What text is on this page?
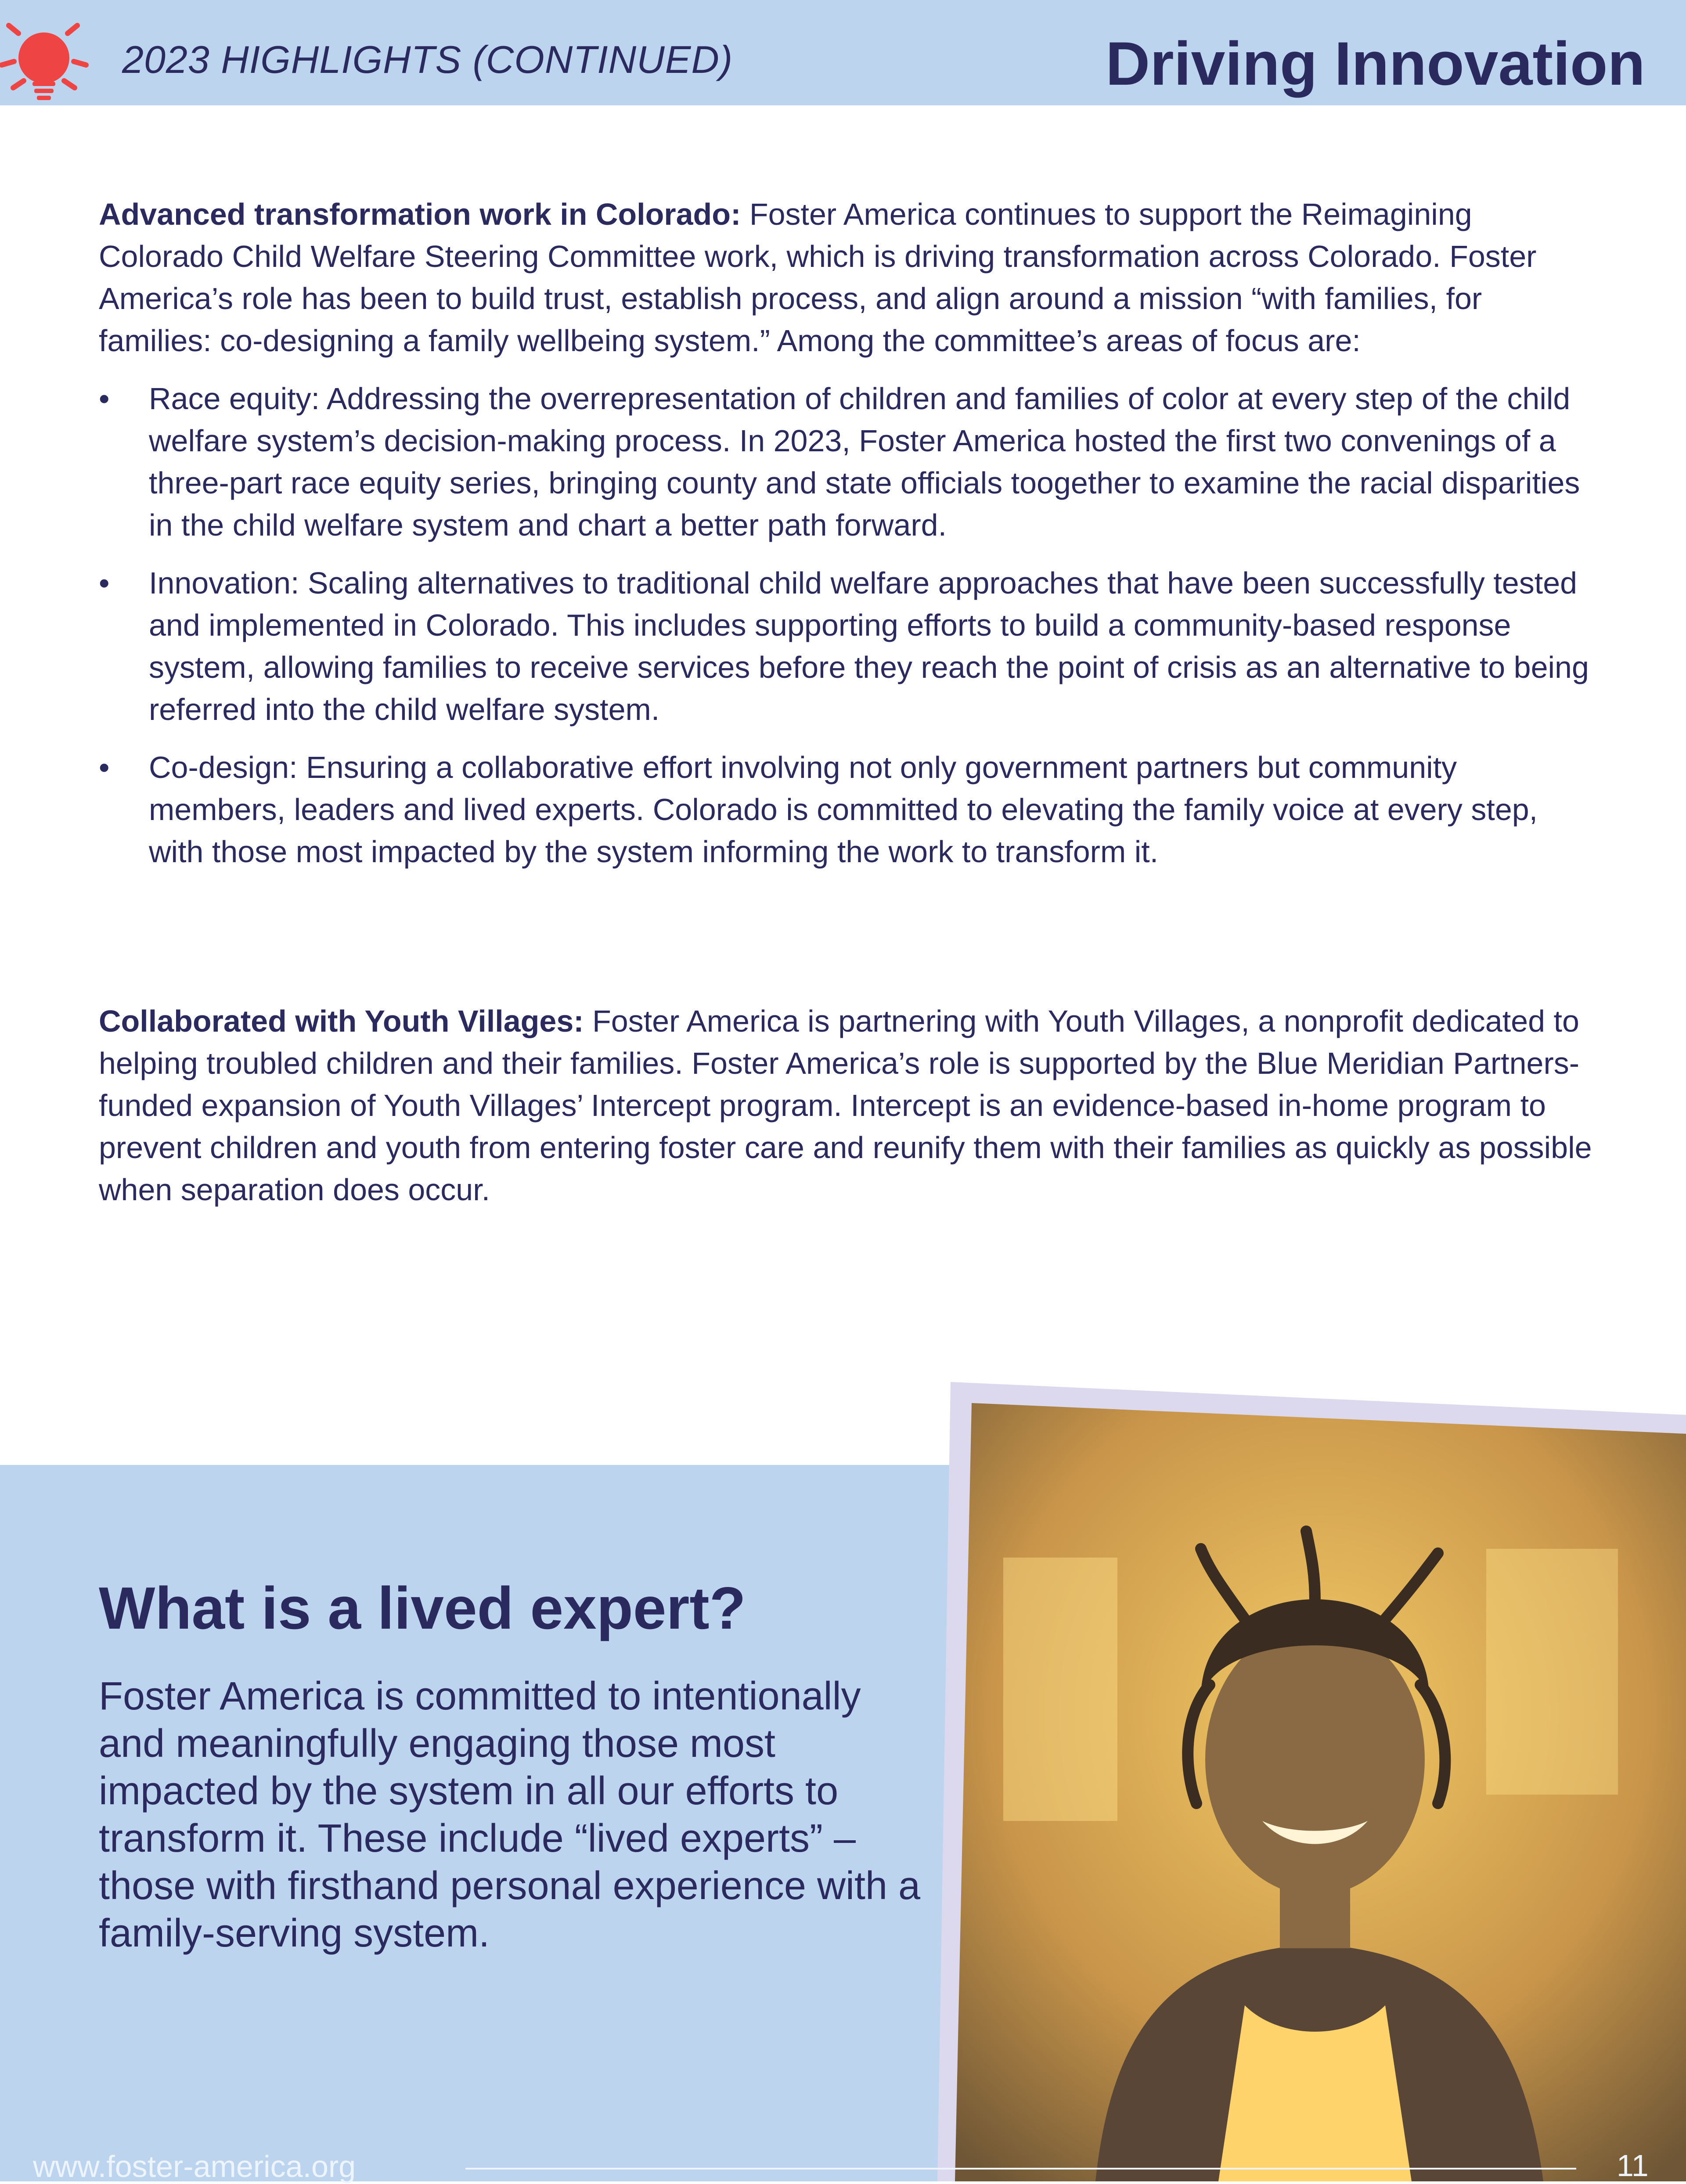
2023 HIGHLIGHTS (CONTINUED)	Driving Innovation

Advanced transformation work in Colorado: Foster America continues to support the Reimagining Colorado Child Welfare Steering Committee work, which is driving transformation across Colorado. Foster America’s role has been to build trust, establish process, and align around a mission “with families, for families: co-designing a family wellbeing system.” Among the committee’s areas of focus are:

•	Race equity: Addressing the overrepresentation of children and families of color at every step of the child welfare system’s decision-making process. In 2023, Foster America hosted the first two convenings of a three-part race equity series, bringing county and state officials toogether to examine the racial disparities in the child welfare system and chart a better path forward.
•	Innovation: Scaling alternatives to traditional child welfare approaches that have been successfully tested and implemented in Colorado. This includes supporting efforts to build a community-based response system, allowing families to receive services before they reach the point of crisis as an alternative to being referred into the child welfare system.
•	Co-design: Ensuring a collaborative effort involving not only government partners but community members, leaders and lived experts. Colorado is committed to elevating the family voice at every step, with those most impacted by the system informing the work to transform it.

Collaborated with Youth Villages: Foster America is partnering with Youth Villages, a nonprofit dedicated to helping troubled children and their families. Foster America’s role is supported by the Blue Meridian Partners-funded expansion of Youth Villages’ Intercept program. Intercept is an evidence-based in-home program to prevent children and youth from entering foster care and reunify them with their families as quickly as possible when separation does occur.

What is a lived expert?

Foster America is committed to intentionally and meaningfully engaging those most impacted by the system in all our efforts to transform it. These include “lived experts” – those with firsthand personal experience with a family-serving system.

www.foster-america.org	11
